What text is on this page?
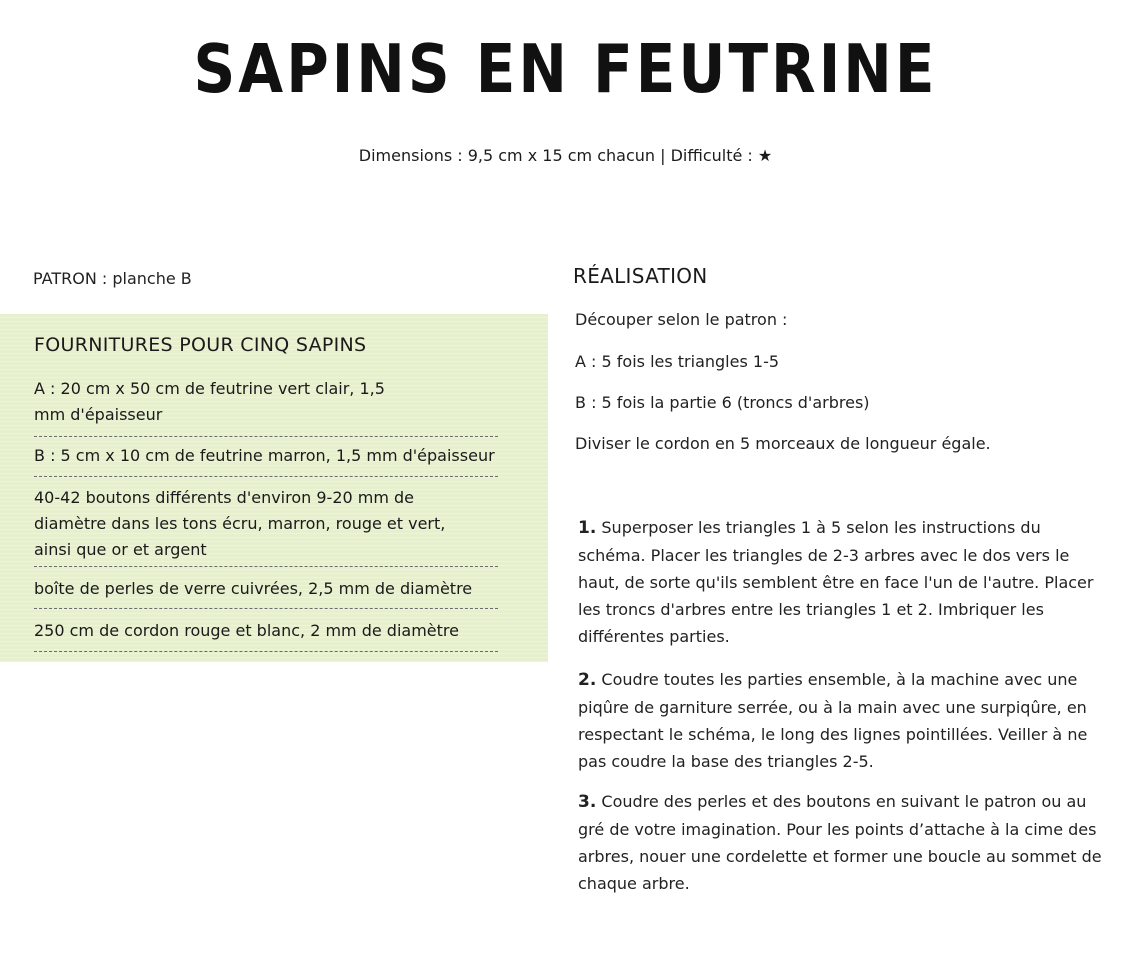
SAPINS EN FEUTRINE
Dimensions : 9,5 cm x 15 cm chacun | Difficulté : ★
PATRON : planche B
FOURNITURES POUR CINQ SAPINS
A : 20 cm x 50 cm de feutrine vert clair, 1,5 mm d'épaisseur
B : 5 cm x 10 cm de feutrine marron, 1,5 mm d'épaisseur
40-42 boutons différents d'environ 9-20 mm de diamètre dans les tons écru, marron, rouge et vert, ainsi que or et argent
boîte de perles de verre cuivrées, 2,5 mm de diamètre
250 cm de cordon rouge et blanc, 2 mm de diamètre
RÉALISATION
Découper selon le patron :
A : 5 fois les triangles 1-5
B : 5 fois la partie 6 (troncs d'arbres)
Diviser le cordon en 5 morceaux de longueur égale.
1. Superposer les triangles 1 à 5 selon les instructions du schéma. Placer les triangles de 2-3 arbres avec le dos vers le haut, de sorte qu'ils semblent être en face l'un de l'autre. Placer les troncs d'arbres entre les triangles 1 et 2. Imbriquer les différentes parties.
2. Coudre toutes les parties ensemble, à la machine avec une piqûre de garniture serrée, ou à la main avec une surpiqûre, en respectant le schéma, le long des lignes pointillées. Veiller à ne pas coudre la base des triangles 2-5.
3. Coudre des perles et des boutons en suivant le patron ou au gré de votre imagination. Pour les points d’attache à la cime des arbres, nouer une cordelette et former une boucle au sommet de chaque arbre.
